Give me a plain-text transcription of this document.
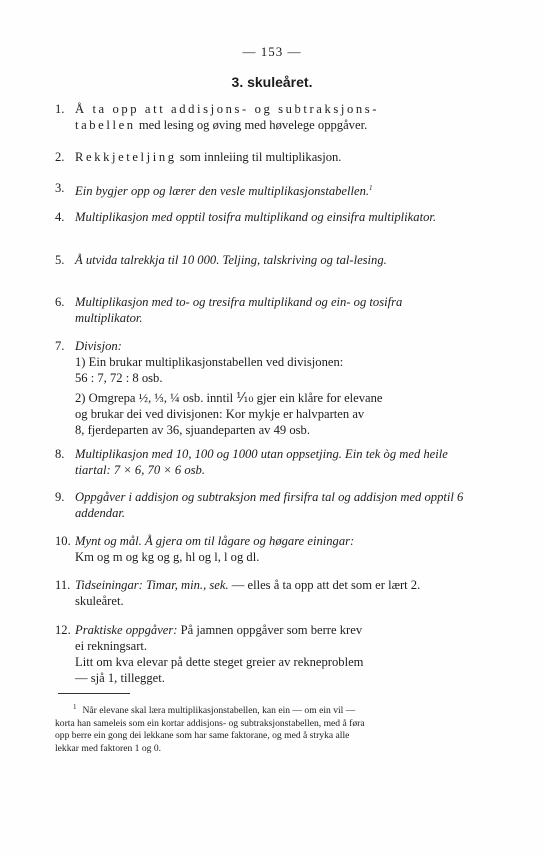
— 153 —
3. skuleåret.
1. Å ta opp att addisjons- og subtraksjons-
tabellen med lesing og øving med høvelege oppgåver.
2. Rekkjeteljing som innleiing til multiplikasjon.
3. Ein bygjer opp og lærer den vesle multiplikasjonstabellen.$^1$
4. Multiplikasjon med opptil tosifra multiplikand og einsifra multiplikator.
5. Å utvida talrekkja til 10 000. Teljing, talskriving og tal-lesing.
6. Multiplikasjon med to- og tresifra multiplikand og ein- og tosifra multiplikator.
7. Divisjon:
1) Ein brukar multiplikasjonstabellen ved divisjonen:
56 : 7, 72 : 8 osb.
2) Omgrepa ½, ⅓, ¼ osb. inntil ⅒ gjer ein klåre for elevane
og brukar dei ved divisjonen: Kor mykje er halvparten av
8, fjerdeparten av 36, sjuandeparten av 49 osb.
8. Multiplikasjon med 10, 100 og 1000 utan oppsetjing. Ein tek òg med heile tiartal: 7 × 6, 70 × 6 osb.
9. Oppgåver i addisjon og subtraksjon med firsifra tal og addisjon med opptil 6 addendar.
10. Mynt og mål. Å gjera om til lågare og høgare einingar:
Km og m og kg og g, hl og l, l og dl.
11. Tidseiningar: Timar, min., sek. — elles å ta opp att det som er lært 2. skuleåret.
12. Praktiske oppgåver: På jamnen oppgåver som berre krev
ei rekningsart.
Litt om kva elevar på dette steget greier av rekneproblem
— sjå 1, tillegget.
$^1$ Når elevane skal læra multiplikasjonstabellen, kan ein — om ein vil —
korta han sameleis som ein kortar addisjons- og subtraksjonstabellen, med å føra
opp berre ein gong dei lekkane som har same faktorane, og med å stryka alle
lekkar med faktoren 1 og 0.
